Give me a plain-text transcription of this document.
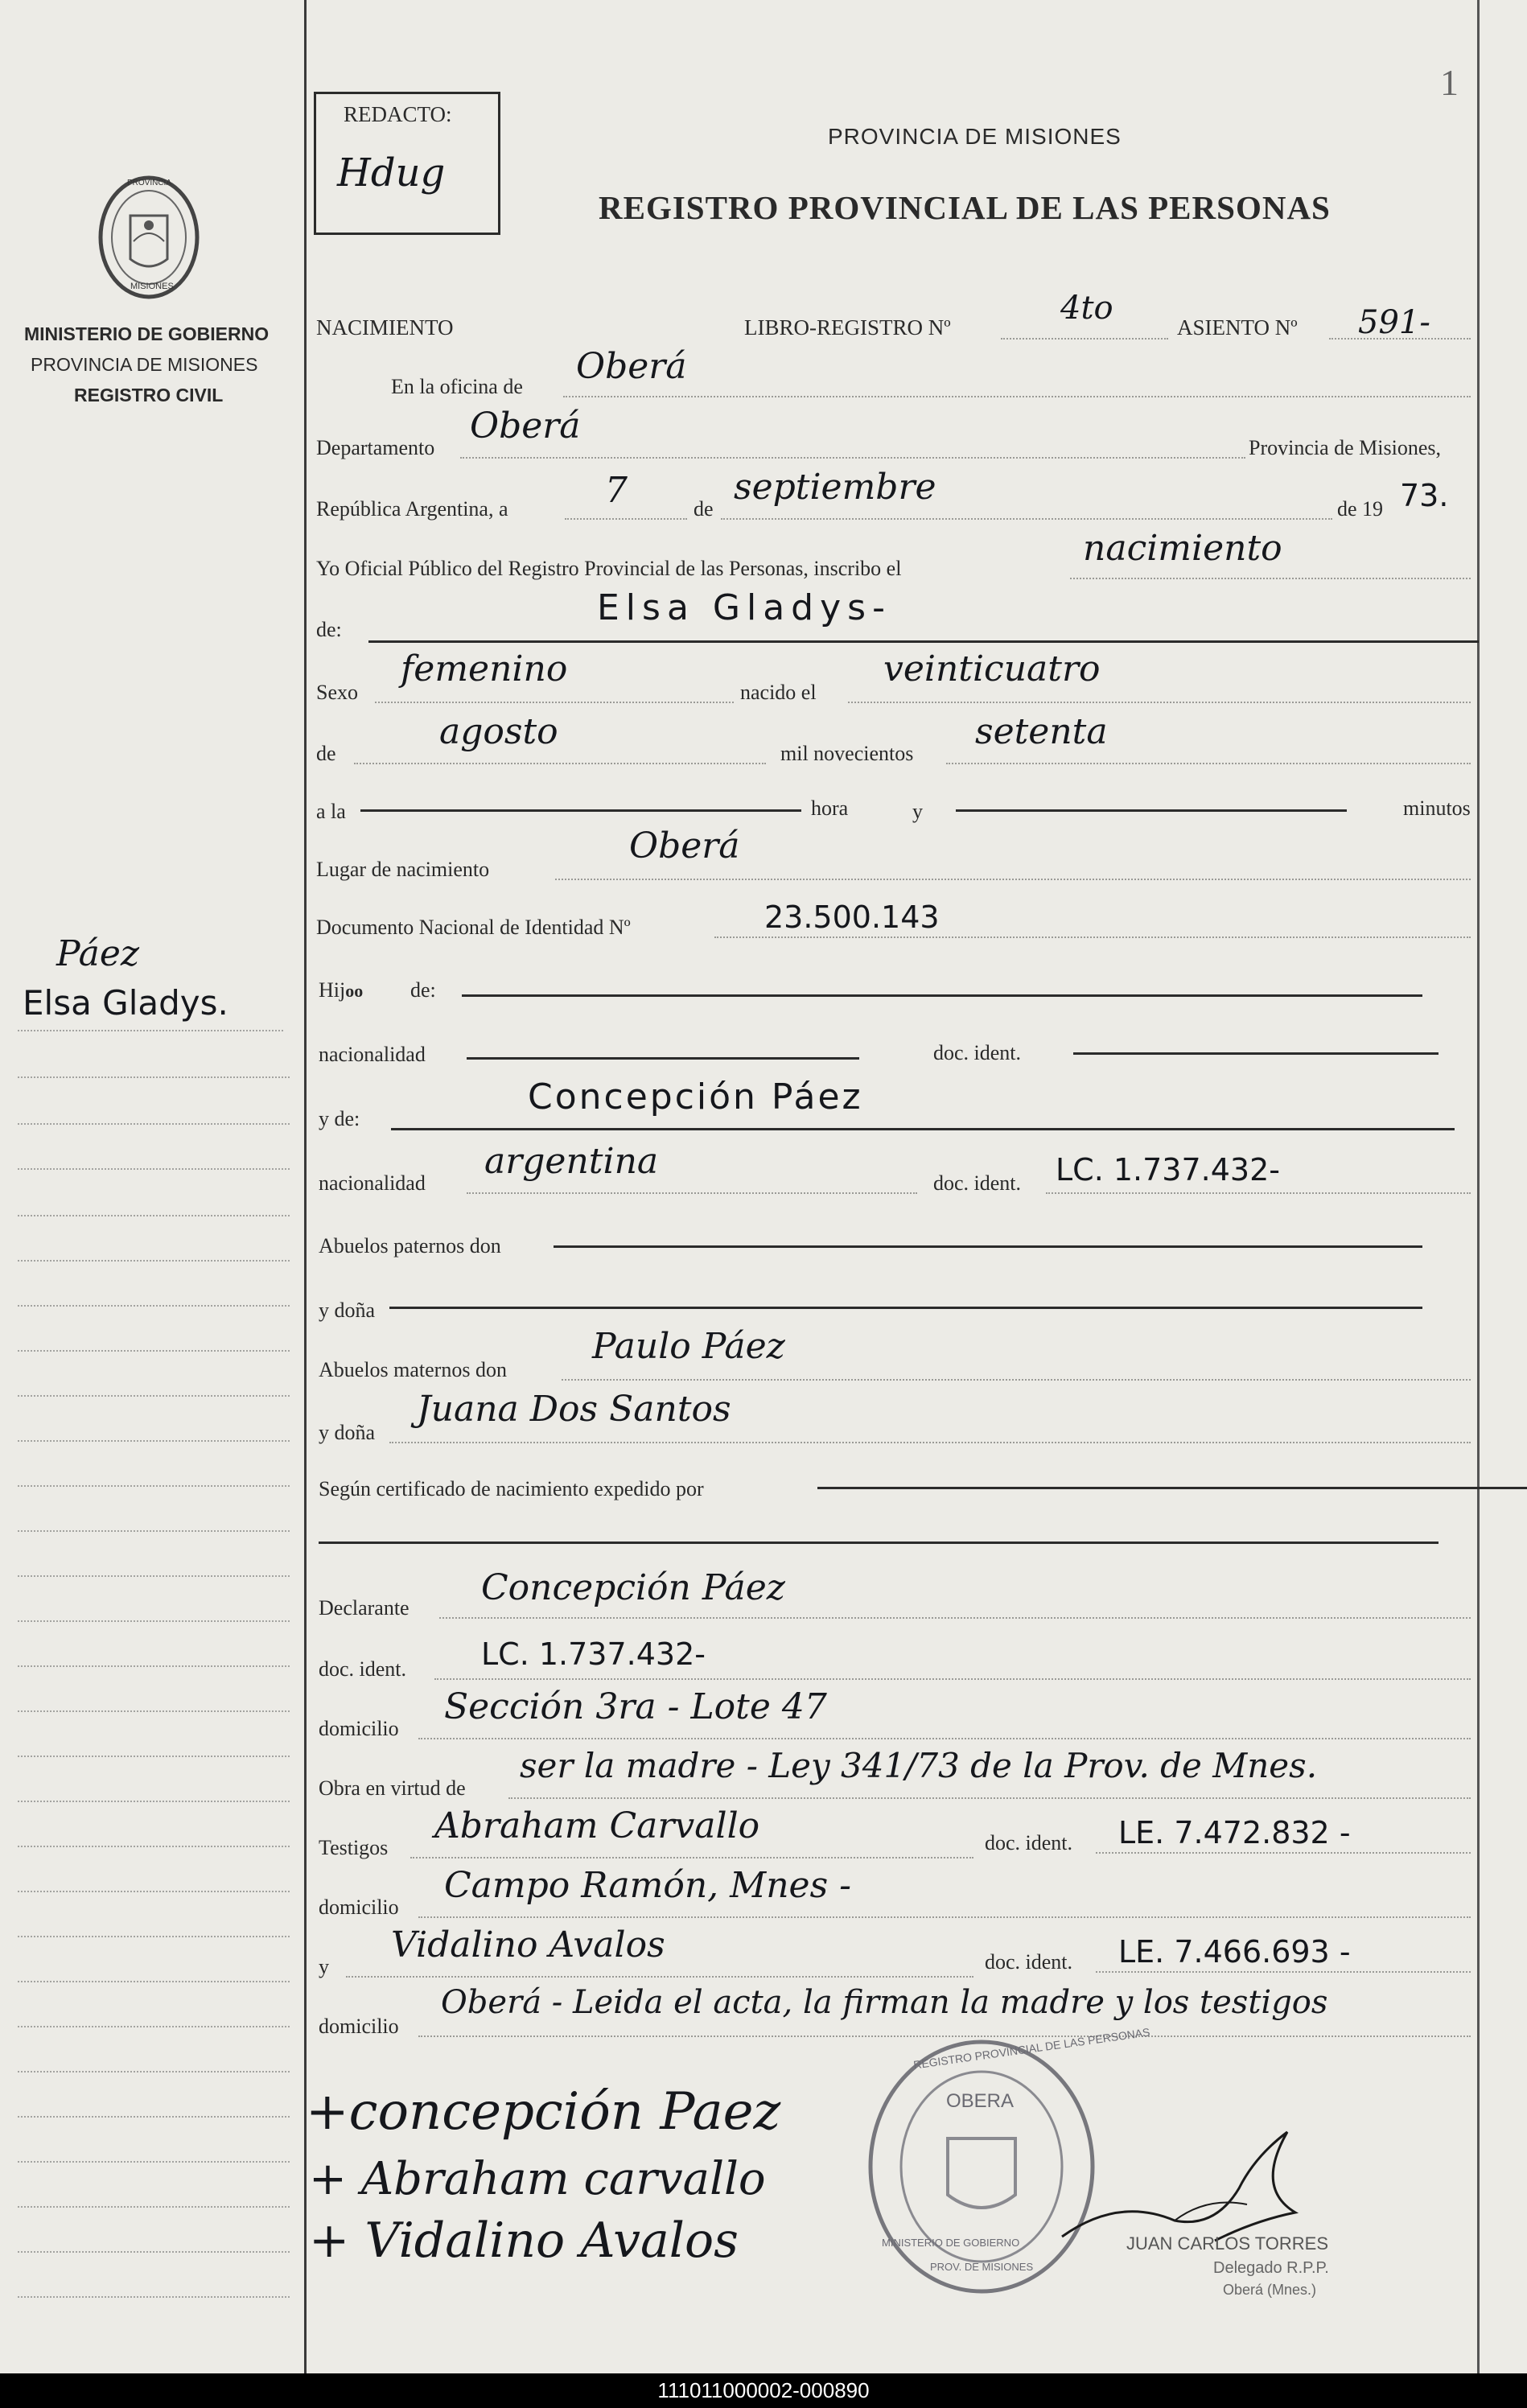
1
REDACTO:
Hdug
PROVINCIA DE MISIONES
REGISTRO PROVINCIAL DE LAS PERSONAS
PROVINCIA
MISIONES
MINISTERIO DE GOBIERNO
PROVINCIA DE MISIONES
REGISTRO CIVIL
Páez
Elsa Gladys.
NACIMIENTO	LIBRO-REGISTRO Nº
4to
ASIENTO Nº 591-
En la oficina de Oberá
Departamento
Oberá
Provincia de Misiones,
República Argentina, a	7	de
septiembre
de 19 73.
Yo Oficial Público del Registro Provincial de las Personas, inscribo el	nacimiento
de:
Elsa Gladys-
Sexo
femenino
nacido el
veinticuatro
de
agosto
mil novecientos
setenta
a la	hora	y	minutos
Lugar de nacimiento
Oberá
Documento Nacional de Identidad Nº	23.500.143
Hijoo de:
nacionalidad	doc. ident.
y de:
Concepción Páez
nacionalidad
argentina
doc. ident. LC. 1.737.432-
Abuelos paternos don
y doña
Abuelos maternos don
Paulo Páez
y doña
Juana Dos Santos
Según certificado de nacimiento expedido por
Declarante Concepción Páez
doc. ident. LC. 1.737.432-
domicilio
Sección 3ra - Lote 47
Obra en virtud de
ser la madre - Ley 341/73 de la Prov. de Mnes.
Testigos
Abraham Carvallo	doc. ident. LE. 7.472.832 -
domicilio
Campo Ramón, Mnes -
y
Vidalino Avalos	doc. ident. LE. 7.466.693 -
domicilio
Oberá - Leida el acta, la firman la madre y los testigos
+concepción Paez
+ Abraham carvallo
+ Vidalino Avalos
REGISTRO PROVINCIAL DE LAS PERSONAS
OBERA
MINISTERIO DE GOBIERNO
PROV. DE MISIONES
JUAN CARLOS TORRES
Delegado R.P.P.
Oberá (Mnes.)
111011000002-000890
